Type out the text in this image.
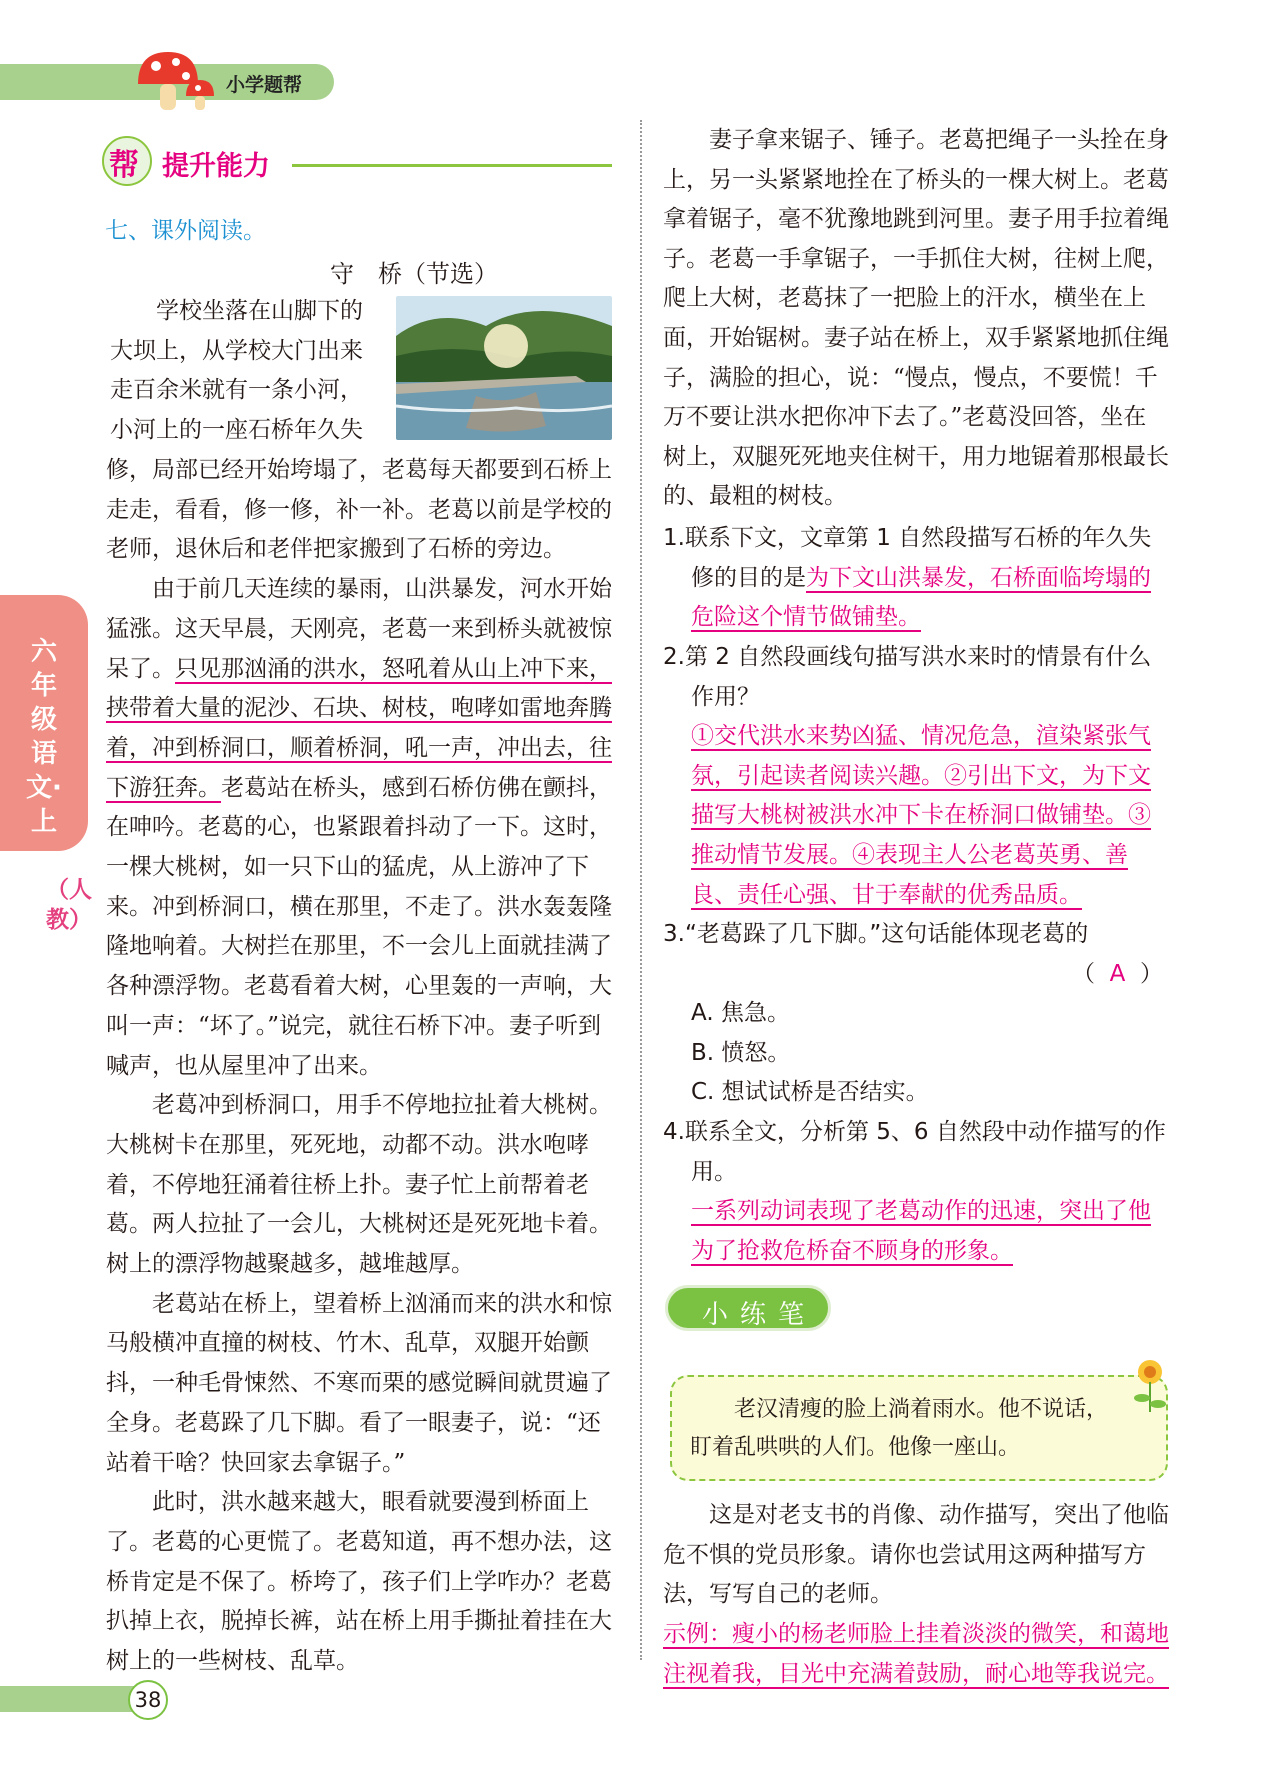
小学题帮
帮 提升能力
七、课外阅读。
守　桥（节选）
学校坐落在山脚下的
大坝上，从学校大门出来
走百余米就有一条小河，
小河上的一座石桥年久失

修，局部已经开始垮塌了，老葛每天都要到石桥上走走，看看，修一修，补一补。老葛以前是学校的老师，退休后和老伴把家搬到了石桥的旁边。

由于前几天连续的暴雨，山洪暴发，河水开始猛涨。这天早晨，天刚亮，老葛一来到桥头就被惊呆了。只见那汹涌的洪水，怒吼着从山上冲下来，挟带着大量的泥沙、石块、树枝，咆哮如雷地奔腾着，冲到桥洞口，顺着桥洞，吼一声，冲出去，往下游狂奔。老葛站在桥头，感到石桥仿佛在颤抖，在呻吟。老葛的心，也紧跟着抖动了一下。这时，一棵大桃树，如一只下山的猛虎，从上游冲了下来。冲到桥洞口，横在那里，不走了。洪水轰轰隆隆地响着。大树拦在那里，不一会儿上面就挂满了各种漂浮物。老葛看着大树，心里轰的一声响，大叫一声：“坏了。”说完，就往石桥下冲。妻子听到喊声，也从屋里冲了出来。

老葛冲到桥洞口，用手不停地拉扯着大桃树。大桃树卡在那里，死死地，动都不动。洪水咆哮着，不停地狂涌着往桥上扑。妻子忙上前帮着老葛。两人拉扯了一会儿，大桃树还是死死地卡着。树上的漂浮物越聚越多，越堆越厚。

老葛站在桥上，望着桥上汹涌而来的洪水和惊马般横冲直撞的树枝、竹木、乱草，双腿开始颤抖，一种毛骨悚然、不寒而栗的感觉瞬间就贯遍了全身。老葛跺了几下脚。看了一眼妻子，说：“还站着干啥？快回家去拿锯子。”

此时，洪水越来越大，眼看就要漫到桥面上了。老葛的心更慌了。老葛知道，再不想办法，这桥肯定是不保了。桥垮了，孩子们上学咋办？老葛扒掉上衣，脱掉长裤，站在桥上用手撕扯着挂在大树上的一些树枝、乱草。

六年级语文·上
（人教）
妻子拿来锯子、锤子。老葛把绳子一头拴在身上，另一头紧紧地拴在了桥头的一棵大树上。老葛拿着锯子，毫不犹豫地跳到河里。妻子用手拉着绳子。老葛一手拿锯子，一手抓住大树，往树上爬，爬上大树，老葛抹了一把脸上的汗水，横坐在上面，开始锯树。妻子站在桥上，双手紧紧地抓住绳子，满脸的担心，说：“慢点，慢点，不要慌！千万不要让洪水把你冲下去了。”老葛没回答，坐在树上，双腿死死地夹住树干，用力地锯着那根最长的、最粗的树枝。
1.联系下文，文章第 1 自然段描写石桥的年久失修的目的是为下文山洪暴发，石桥面临垮塌的危险这个情节做铺垫。
2.第 2 自然段画线句描写洪水来时的情景有什么作用？
①交代洪水来势凶猛、情况危急，渲染紧张气氛，引起读者阅读兴趣。②引出下文，为下文描写大桃树被洪水冲下卡在桥洞口做铺垫。③推动情节发展。④表现主人公老葛英勇、善良、责任心强、甘于奉献的优秀品质。
3.“老葛跺了几下脚。”这句话能体现老葛的
（ A ）
A. 焦急。
B. 愤怒。
C. 想试试桥是否结实。
4.联系全文，分析第 5、6 自然段中动作描写的作用。
一系列动词表现了老葛动作的迅速，突出了他为了抢救危桥奋不顾身的形象。
小练笔
老汉清瘦的脸上淌着雨水。他不说话，盯着乱哄哄的人们。他像一座山。
这是对老支书的肖像、动作描写，突出了他临危不惧的党员形象。请你也尝试用这两种描写方法，写写自己的老师。
示例：瘦小的杨老师脸上挂着淡淡的微笑，和蔼地注视着我，目光中充满着鼓励，耐心地等我说完。
38
